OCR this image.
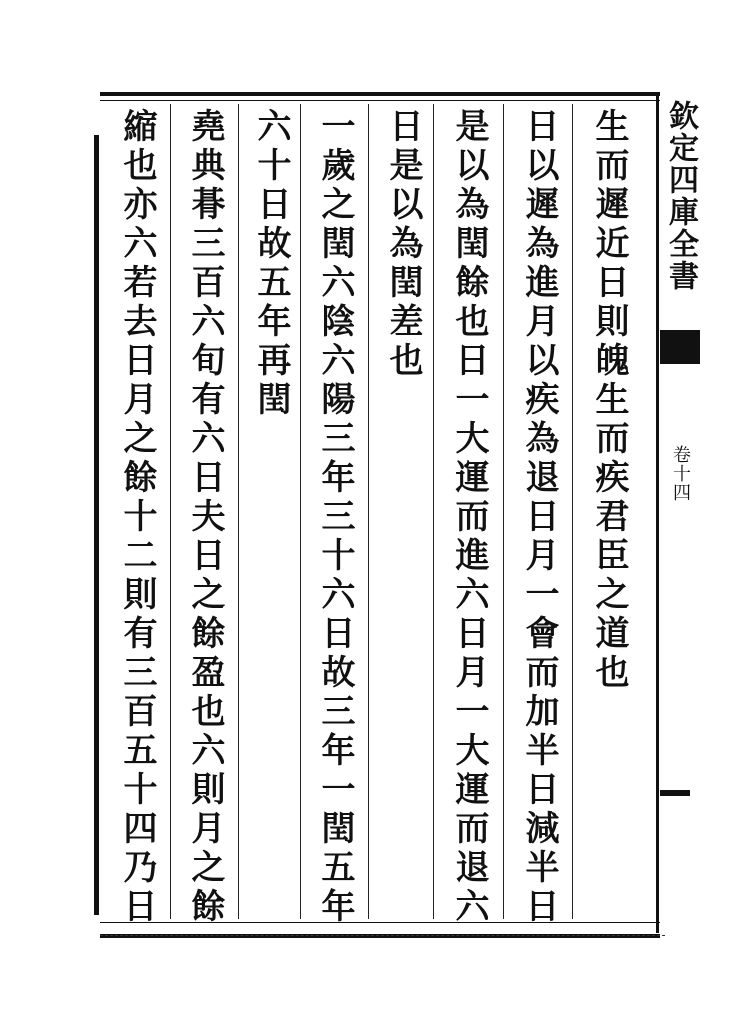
生而遲近日則魄生而疾君臣之道也
日以遲為進月以疾為退日月一會而加半日減半日
是以為閏餘也日一大運而進六日月一大運而退六
日是以為閏差也
一歲之閏六陰六陽三年三十六日故三年一閏五年
六十日故五年再閏
堯典朞三百六旬有六日夫日之餘盈也六則月之餘
縮也亦六若去日月之餘十二則有三百五十四乃日	欽定四庫全書
卷十四
